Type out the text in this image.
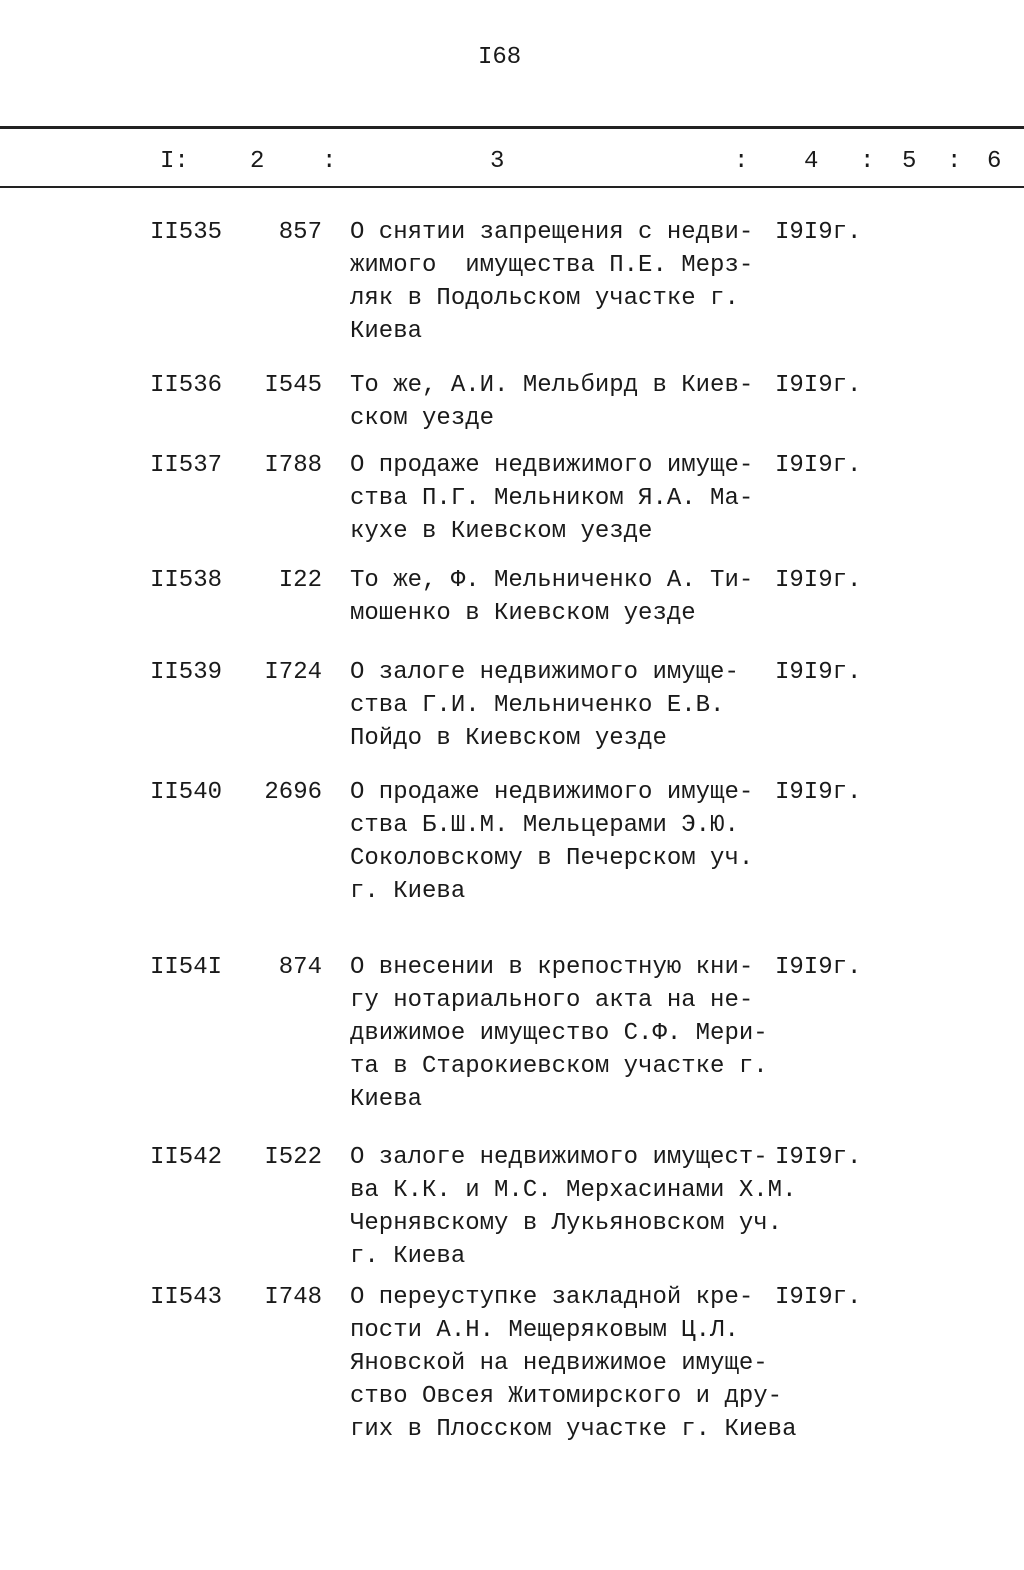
I68
I:	2 :	3	: 4 : 5 : 6
II535	857 О снятии запрещения с недви-
жимого  имущества П.Е. Мерз-
ляк в Подольском участке г.
Киева
I9I9г.
II536	I545 То же, А.И. Мельбирд в Киев-
ском уезде
I9I9г.
II537	I788 О продаже недвижимого имуще-
ства П.Г. Мельником Я.А. Ма-
кухе в Киевском уезде
I9I9г.
II538	I22 То же, Ф. Мельниченко А. Ти-
мошенко в Киевском уезде
I9I9г.
II539	I724 О залоге недвижимого имуще-
ства Г.И. Мельниченко Е.В.
Пойдо в Киевском уезде
I9I9г.
II540	2696 О продаже недвижимого имуще-
ства Б.Ш.М. Мельцерами Э.Ю.
Соколовскому в Печерском уч.
г. Киева
I9I9г.
II54I	874 О внесении в крепостную кни-
гу нотариального акта на не-
движимое имущество С.Ф. Мери-
та в Старокиевском участке г.
Киева
I9I9г.
II542	I522 О залоге недвижимого имущест-
ва К.К. и М.С. Мерхасинами Х.М.
Чернявскому в Лукьяновском уч.
г. Киева
I9I9г.
II543	I748 О переуступке закладной кре-
пости А.Н. Мещеряковым Ц.Л.
Яновской на недвижимое имуще-
ство Овсея Житомирского и дру-
гих в Плосском участке г. Киева
I9I9г.
